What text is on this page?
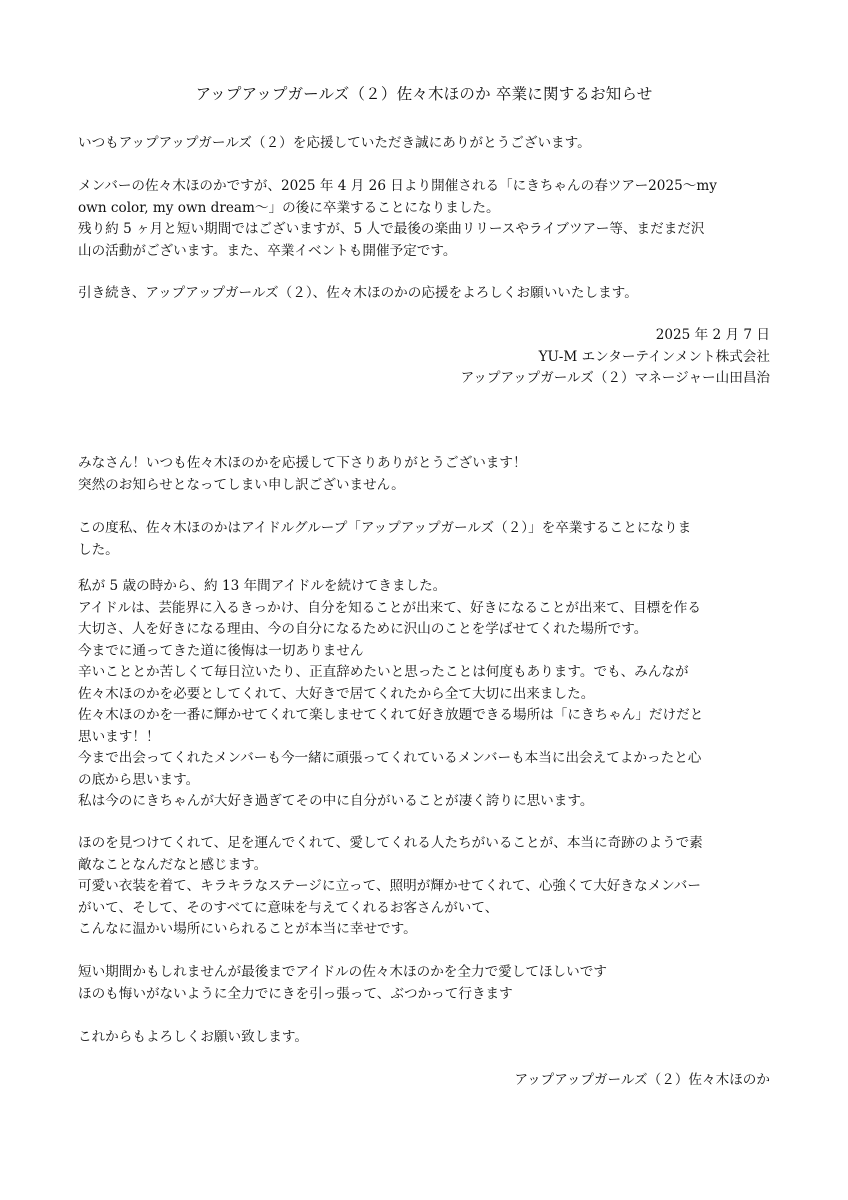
アップアップガールズ（２）佐々木ほのか 卒業に関するお知らせ
いつもアップアップガールズ（２）を応援していただき誠にありがとうございます。
メンバーの佐々木ほのかですが、2025 年 4 月 26 日より開催される「にきちゃんの春ツアー2025〜my
own color, my own dream〜」の後に卒業することになりました。
残り約 5 ヶ月と短い期間ではございますが、5 人で最後の楽曲リリースやライブツアー等、まだまだ沢
山の活動がございます。また、卒業イベントも開催予定です。
引き続き、アップアップガールズ（２）、佐々木ほのかの応援をよろしくお願いいたします。
2025 年 2 月 7 日
YU-M エンターテインメント株式会社
アップアップガールズ（２）マネージャー山田昌治
みなさん！いつも佐々木ほのかを応援して下さりありがとうございます！
突然のお知らせとなってしまい申し訳ございません。
この度私、佐々木ほのかはアイドルグループ「アップアップガールズ（２）」を卒業することになりま
した。
私が 5 歳の時から、約 13 年間アイドルを続けてきました。
アイドルは、芸能界に入るきっかけ、自分を知ることが出来て、好きになることが出来て、目標を作る
大切さ、人を好きになる理由、今の自分になるために沢山のことを学ばせてくれた場所です。
今までに通ってきた道に後悔は一切ありません
辛いこととか苦しくて毎日泣いたり、正直辞めたいと思ったことは何度もあります。でも、みんなが
佐々木ほのかを必要としてくれて、大好きで居てくれたから全て大切に出来ました。
佐々木ほのかを一番に輝かせてくれて楽しませてくれて好き放題できる場所は「にきちゃん」だけだと
思います！！
今まで出会ってくれたメンバーも今一緒に頑張ってくれているメンバーも本当に出会えてよかったと心
の底から思います。
私は今のにきちゃんが大好き過ぎてその中に自分がいることが凄く誇りに思います。
ほのを見つけてくれて、足を運んでくれて、愛してくれる人たちがいることが、本当に奇跡のようで素
敵なことなんだなと感じます。
可愛い衣装を着て、キラキラなステージに立って、照明が輝かせてくれて、心強くて大好きなメンバー
がいて、そして、そのすべてに意味を与えてくれるお客さんがいて、
こんなに温かい場所にいられることが本当に幸せです。
短い期間かもしれませんが最後までアイドルの佐々木ほのかを全力で愛してほしいです
ほのも悔いがないように全力でにきを引っ張って、ぶつかって行きます
これからもよろしくお願い致します。
アップアップガールズ（２）佐々木ほのか
